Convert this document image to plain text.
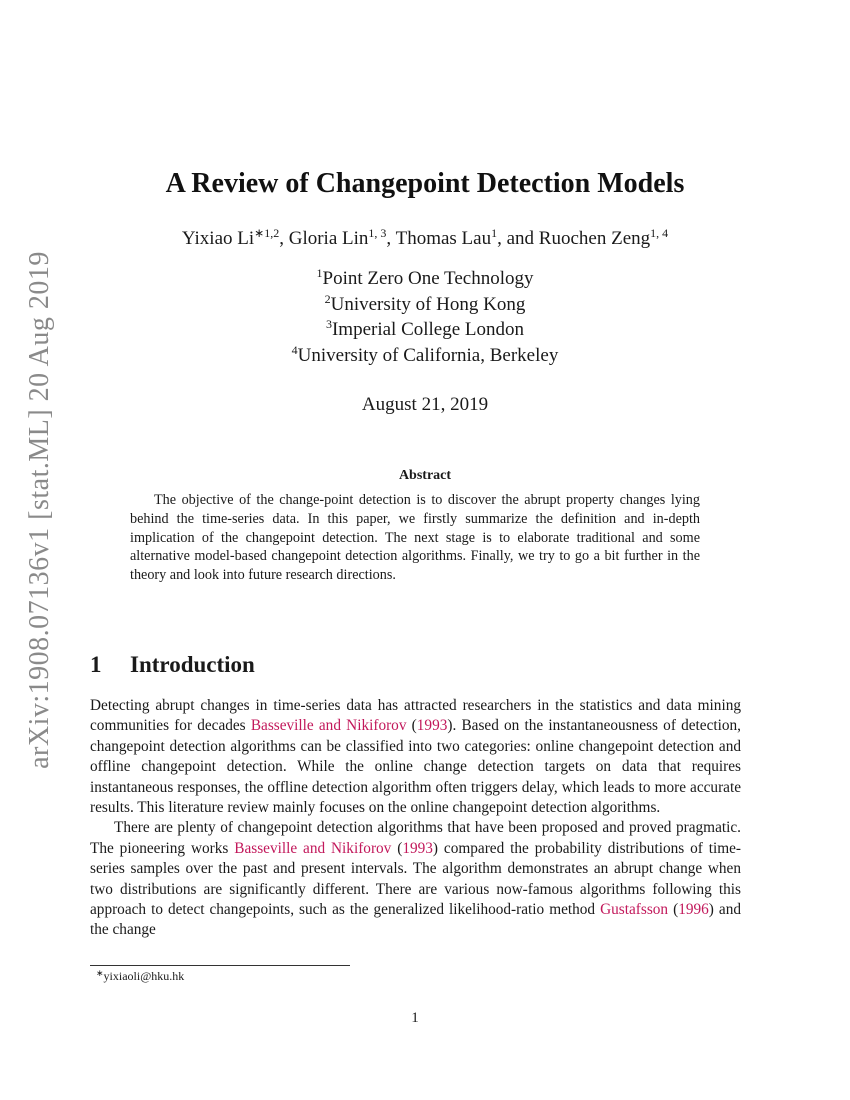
arXiv:1908.07136v1 [stat.ML] 20 Aug 2019
A Review of Changepoint Detection Models
Yixiao $Li^{∗1,2}$, Gloria Lin$^{1, 3}$, Thomas Lau$^1$, and Ruochen Zeng$^{1, 4}$
$^1$Point Zero One Technology
$^2$University of Hong Kong
$^3$Imperial College London
$^4$University of California, Berkeley
August 21, 2019
Abstract
The objective of the change-point detection is to discover the abrupt property changes lying behind the time-series data. In this paper, we firstly summarize the definition and in-depth implication of the changepoint detection. The next stage is to elaborate traditional and some alternative model-based changepoint detection algorithms. Finally, we try to go a bit further in the theory and look into future research directions.
1 Introduction

Detecting abrupt changes in time-series data has attracted researchers in the statistics and data mining communities for decades Basseville and Nikiforov (1993). Based on the instantaneousness of detection, changepoint detection algorithms can be classified into two categories: online changepoint detection and offline changepoint detection. While the online change detection targets on data that requires instantaneous responses, the offline detection algorithm often triggers delay, which leads to more accurate results. This literature review mainly focuses on the online changepoint detection algorithms.

There are plenty of changepoint detection algorithms that have been proposed and proved pragmatic. The pioneering works Basseville and Nikiforov (1993) compared the probability distributions of time-series samples over the past and present intervals. The algorithm demonstrates an abrupt change when two distributions are significantly different. There are various now-famous algorithms following this approach to detect changepoints, such as the generalized likelihood-ratio method Gustafsson (1996) and the change

∗yixiaoli@hku.hk
1
